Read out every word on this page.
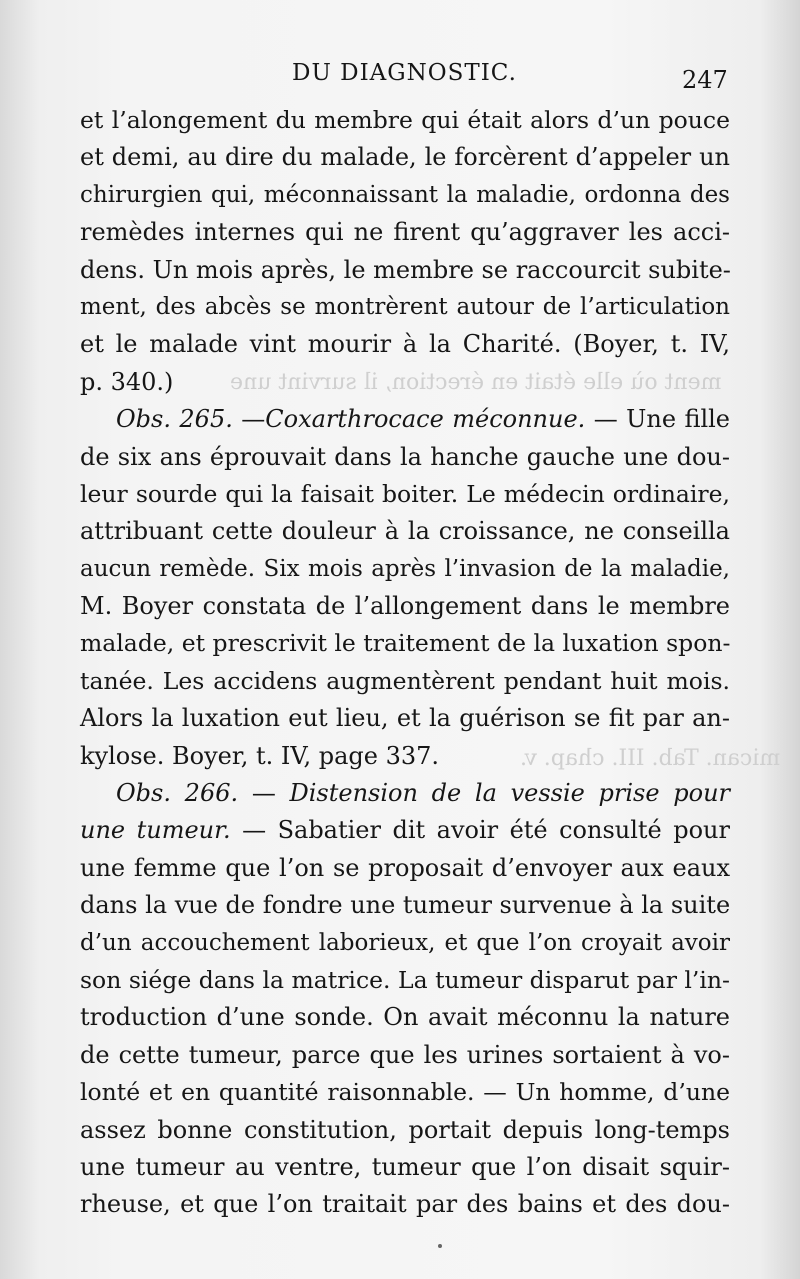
ment où elle était en érection, il survint une
mican. Tab. III. chap. v.
DU DIAGNOSTIC.	247
et l’alongement du membre qui était alors d’un pouce
et demi, au dire du malade, le forcèrent d’appeler un
chirurgien qui, méconnaissant la maladie, ordonna des
remèdes internes qui ne firent qu’aggraver les acci-
dens. Un mois après, le membre se raccourcit subite-
ment, des abcès se montrèrent autour de l’articulation
et le malade vint mourir à la Charité. (Boyer, t. IV,
p. 340.)
Obs. 265. —Coxarthrocace méconnue. — Une fille
de six ans éprouvait dans la hanche gauche une dou-
leur sourde qui la faisait boiter. Le médecin ordinaire,
attribuant cette douleur à la croissance, ne conseilla
aucun remède. Six mois après l’invasion de la maladie,
M. Boyer constata de l’allongement dans le membre
malade, et prescrivit le traitement de la luxation spon-
tanée. Les accidens augmentèrent pendant huit mois.
Alors la luxation eut lieu, et la guérison se fit par an-
kylose. Boyer, t. IV, page 337.
Obs. 266. — Distension de la vessie prise pour
une tumeur. — Sabatier dit avoir été consulté pour
une femme que l’on se proposait d’envoyer aux eaux
dans la vue de fondre une tumeur survenue à la suite
d’un accouchement laborieux, et que l’on croyait avoir
son siége dans la matrice. La tumeur disparut par l’in-
troduction d’une sonde. On avait méconnu la nature
de cette tumeur, parce que les urines sortaient à vo-
lonté et en quantité raisonnable. — Un homme, d’une
assez bonne constitution, portait depuis long-temps
une tumeur au ventre, tumeur que l’on disait squir-
rheuse, et que l’on traitait par des bains et des dou-
